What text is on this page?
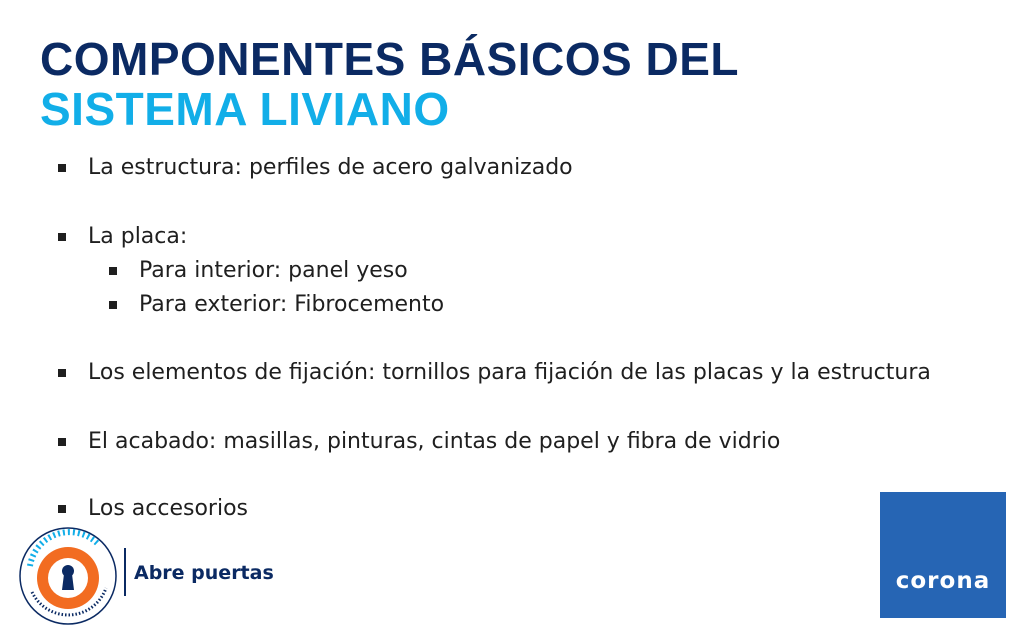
COMPONENTES BÁSICOS DEL
SISTEMA LIVIANO
La estructura: perfiles de acero galvanizado
La placa:
Para interior: panel yeso
Para exterior: Fibrocemento
Los elementos de fijación: tornillos para fijación de las placas y la estructura
El acabado: masillas, pinturas, cintas de papel y fibra de vidrio
Los accesorios
Abre puertas	corona
